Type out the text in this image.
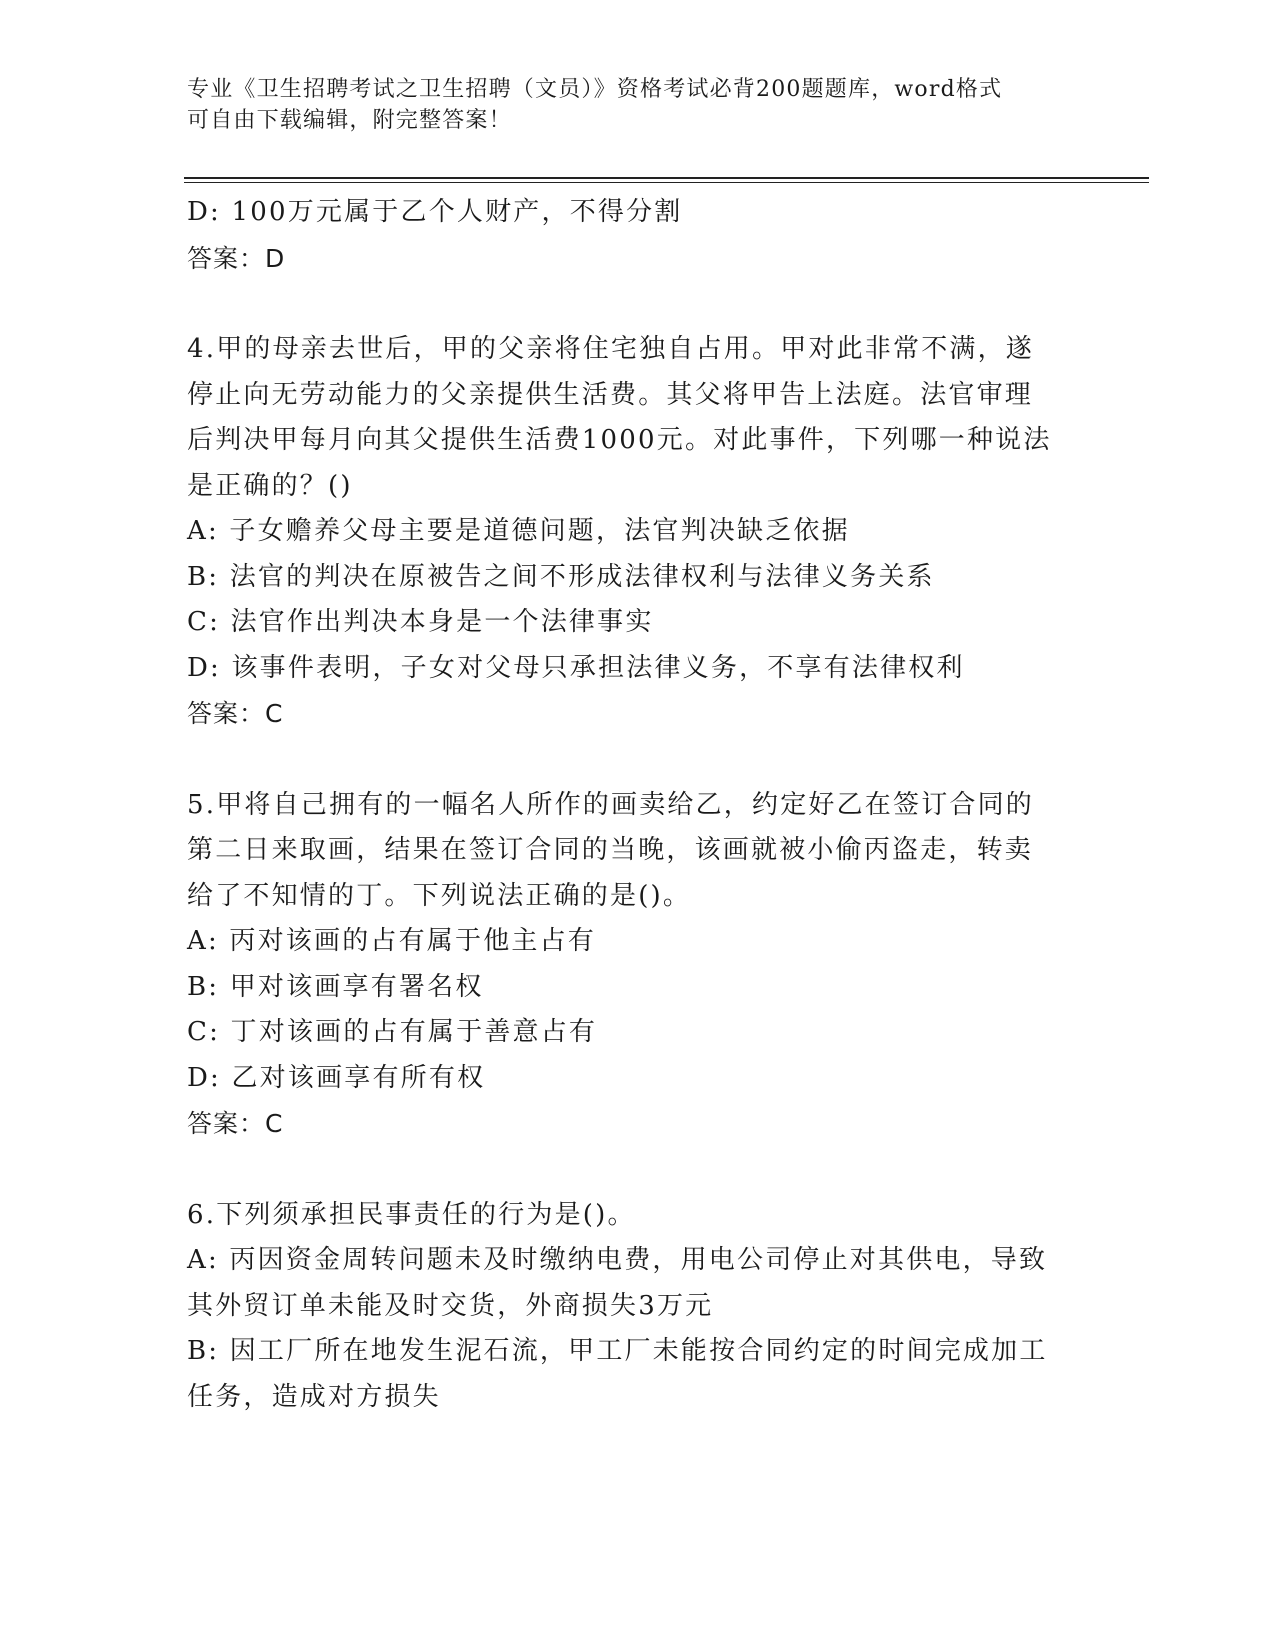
专业《卫生招聘考试之卫生招聘（文员）》资格考试必背200题题库，word格式
可自由下载编辑，附完整答案！
D: 100万元属于乙个人财产，不得分割
答案：D
4.甲的母亲去世后，甲的父亲将住宅独自占用。甲对此非常不满，遂
停止向无劳动能力的父亲提供生活费。其父将甲告上法庭。法官审理
后判决甲每月向其父提供生活费1000元。对此事件，下列哪一种说法
是正确的？()
A: 子女赡养父母主要是道德问题，法官判决缺乏依据
B: 法官的判决在原被告之间不形成法律权利与法律义务关系
C: 法官作出判决本身是一个法律事实
D: 该事件表明，子女对父母只承担法律义务，不享有法律权利
答案：C
5.甲将自己拥有的一幅名人所作的画卖给乙，约定好乙在签订合同的
第二日来取画，结果在签订合同的当晚，该画就被小偷丙盗走，转卖
给了不知情的丁。下列说法正确的是()。
A: 丙对该画的占有属于他主占有
B: 甲对该画享有署名权
C: 丁对该画的占有属于善意占有
D: 乙对该画享有所有权
答案：C
6.下列须承担民事责任的行为是()。
A: 丙因资金周转问题未及时缴纳电费，用电公司停止对其供电，导致
其外贸订单未能及时交货，外商损失3万元
B: 因工厂所在地发生泥石流，甲工厂未能按合同约定的时间完成加工
任务，造成对方损失
